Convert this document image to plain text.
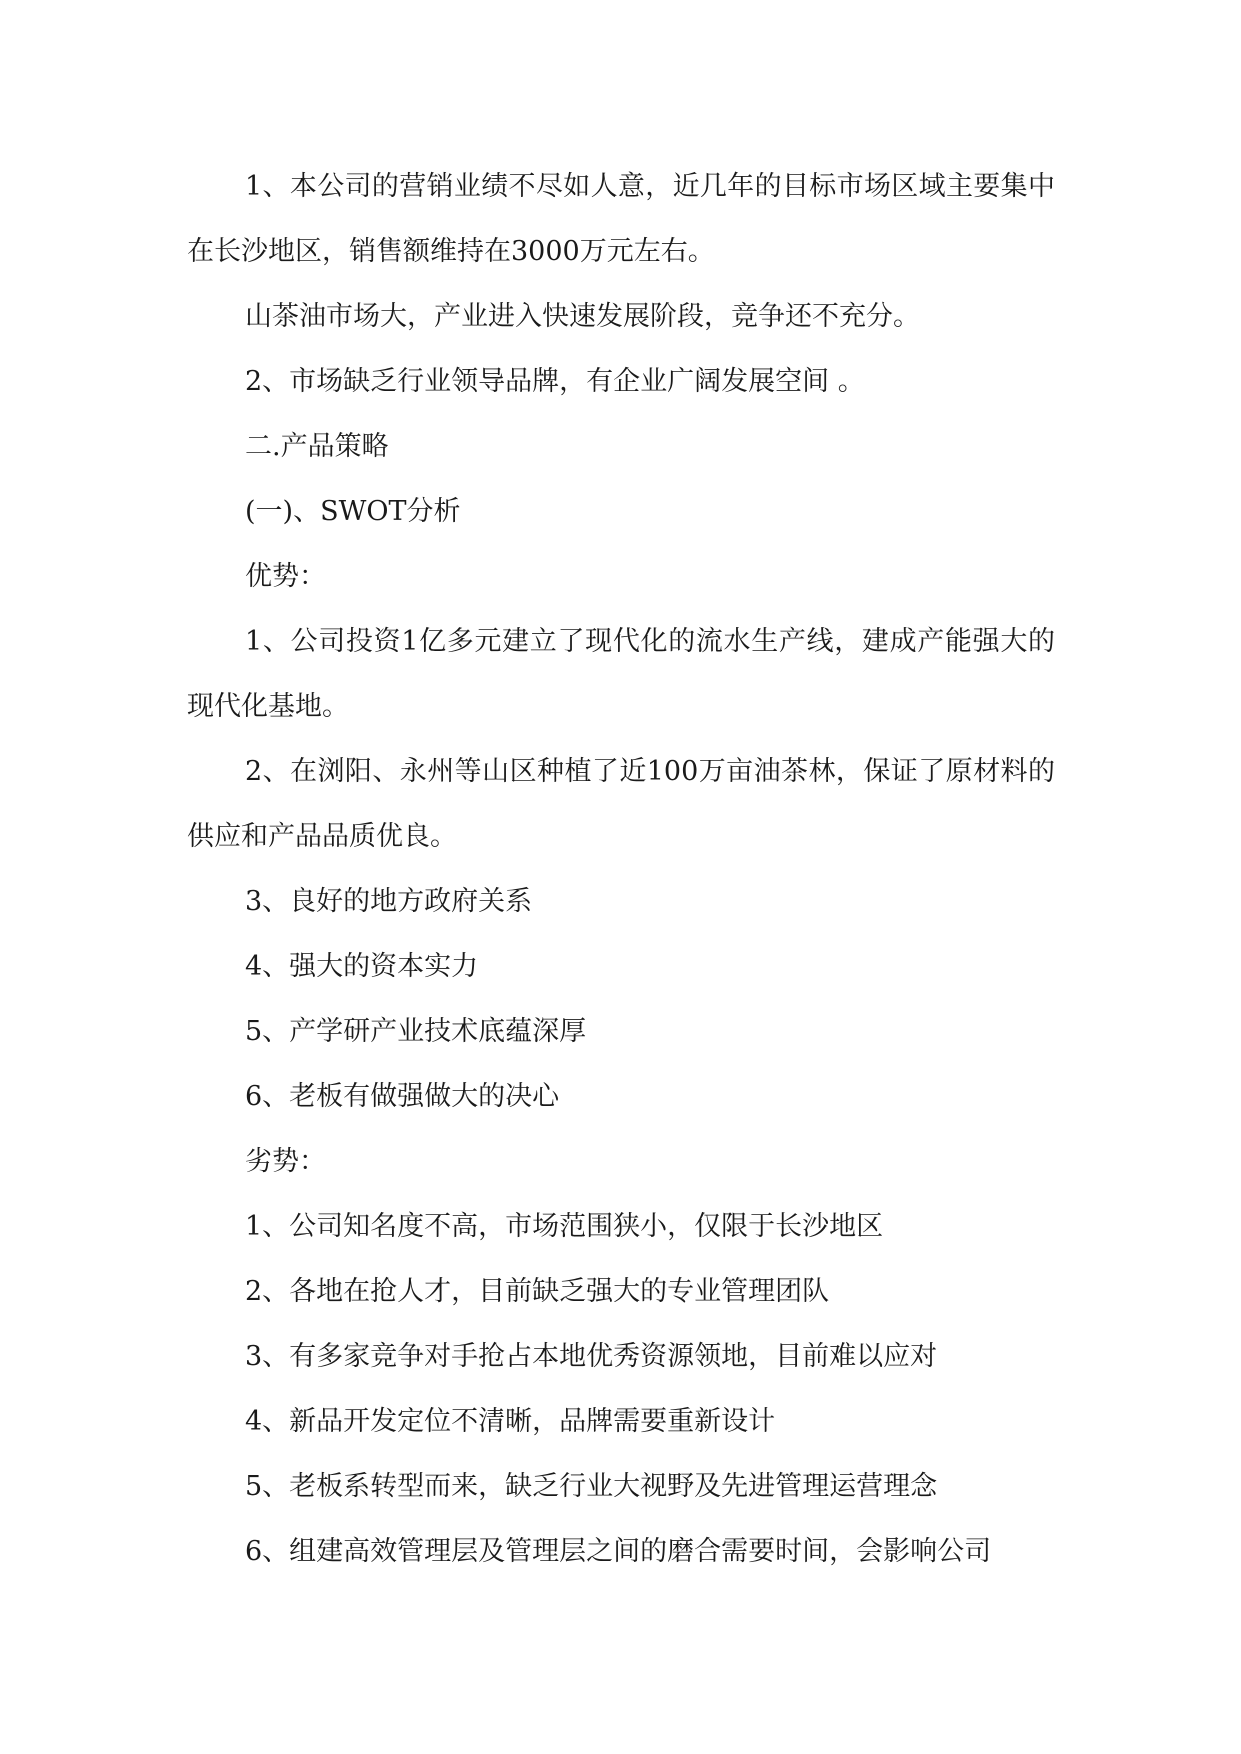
1、本公司的营销业绩不尽如人意，近几年的目标市场区域主要集中在长沙地区，销售额维持在3000万元左右。

山茶油市场大，产业进入快速发展阶段，竞争还不充分。

2、市场缺乏行业领导品牌，有企业广阔发展空间 。

二.产品策略

(一)、SWOT分析

优势：

1、公司投资1亿多元建立了现代化的流水生产线，建成产能强大的现代化基地。

2、在浏阳、永州等山区种植了近100万亩油茶林，保证了原材料的供应和产品品质优良。

3、良好的地方政府关系

4、强大的资本实力

5、产学研产业技术底蕴深厚

6、老板有做强做大的决心

劣势：

1、公司知名度不高，市场范围狭小，仅限于长沙地区

2、各地在抢人才，目前缺乏强大的专业管理团队

3、有多家竞争对手抢占本地优秀资源领地，目前难以应对

4、新品开发定位不清晰，品牌需要重新设计

5、老板系转型而来，缺乏行业大视野及先进管理运营理念

6、组建高效管理层及管理层之间的磨合需要时间，会影响公司
